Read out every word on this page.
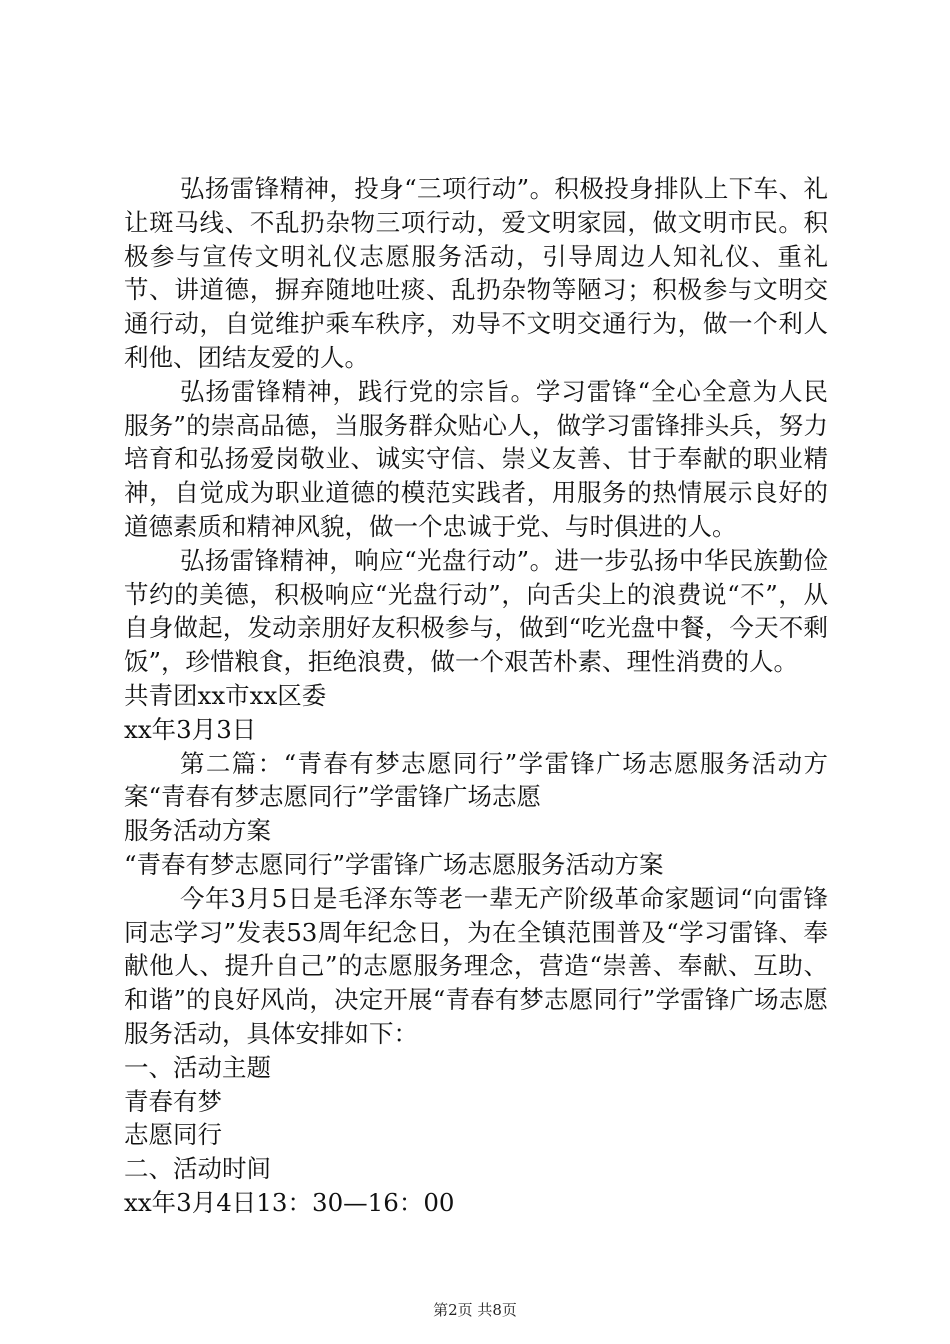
弘扬雷锋精神，投身“三项行动”。积极投身排队上下车、礼让斑马线、不乱扔杂物三项行动，爱文明家园，做文明市民。积极参与宣传文明礼仪志愿服务活动，引导周边人知礼仪、重礼节、讲道德，摒弃随地吐痰、乱扔杂物等陋习；积极参与文明交通行动，自觉维护乘车秩序，劝导不文明交通行为，做一个利人利他、团结友爱的人。

弘扬雷锋精神，践行党的宗旨。学习雷锋“全心全意为人民服务”的崇高品德，当服务群众贴心人，做学习雷锋排头兵，努力培育和弘扬爱岗敬业、诚实守信、崇义友善、甘于奉献的职业精神，自觉成为职业道德的模范实践者，用服务的热情展示良好的道德素质和精神风貌，做一个忠诚于党、与时俱进的人。

弘扬雷锋精神，响应“光盘行动”。进一步弘扬中华民族勤俭节约的美德，积极响应“光盘行动”，向舌尖上的浪费说“不”，从自身做起，发动亲朋好友积极参与，做到“吃光盘中餐，今天不剩饭”，珍惜粮食，拒绝浪费，做一个艰苦朴素、理性消费的人。

共青团xx市xx区委

xx年3月3日

第二篇：“青春有梦志愿同行”学雷锋广场志愿服务活动方案“青春有梦志愿同行”学雷锋广场志愿

服务活动方案

“青春有梦志愿同行”学雷锋广场志愿服务活动方案

今年3月5日是毛泽东等老一辈无产阶级革命家题词“向雷锋同志学习”发表53周年纪念日，为在全镇范围普及“学习雷锋、奉献他人、提升自己”的志愿服务理念，营造“崇善、奉献、互助、和谐”的良好风尚，决定开展“青春有梦志愿同行”学雷锋广场志愿服务活动，具体安排如下：

一、活动主题

青春有梦

志愿同行

二、活动时间

xx年3月4日13：30—16：00

第2页 共8页
